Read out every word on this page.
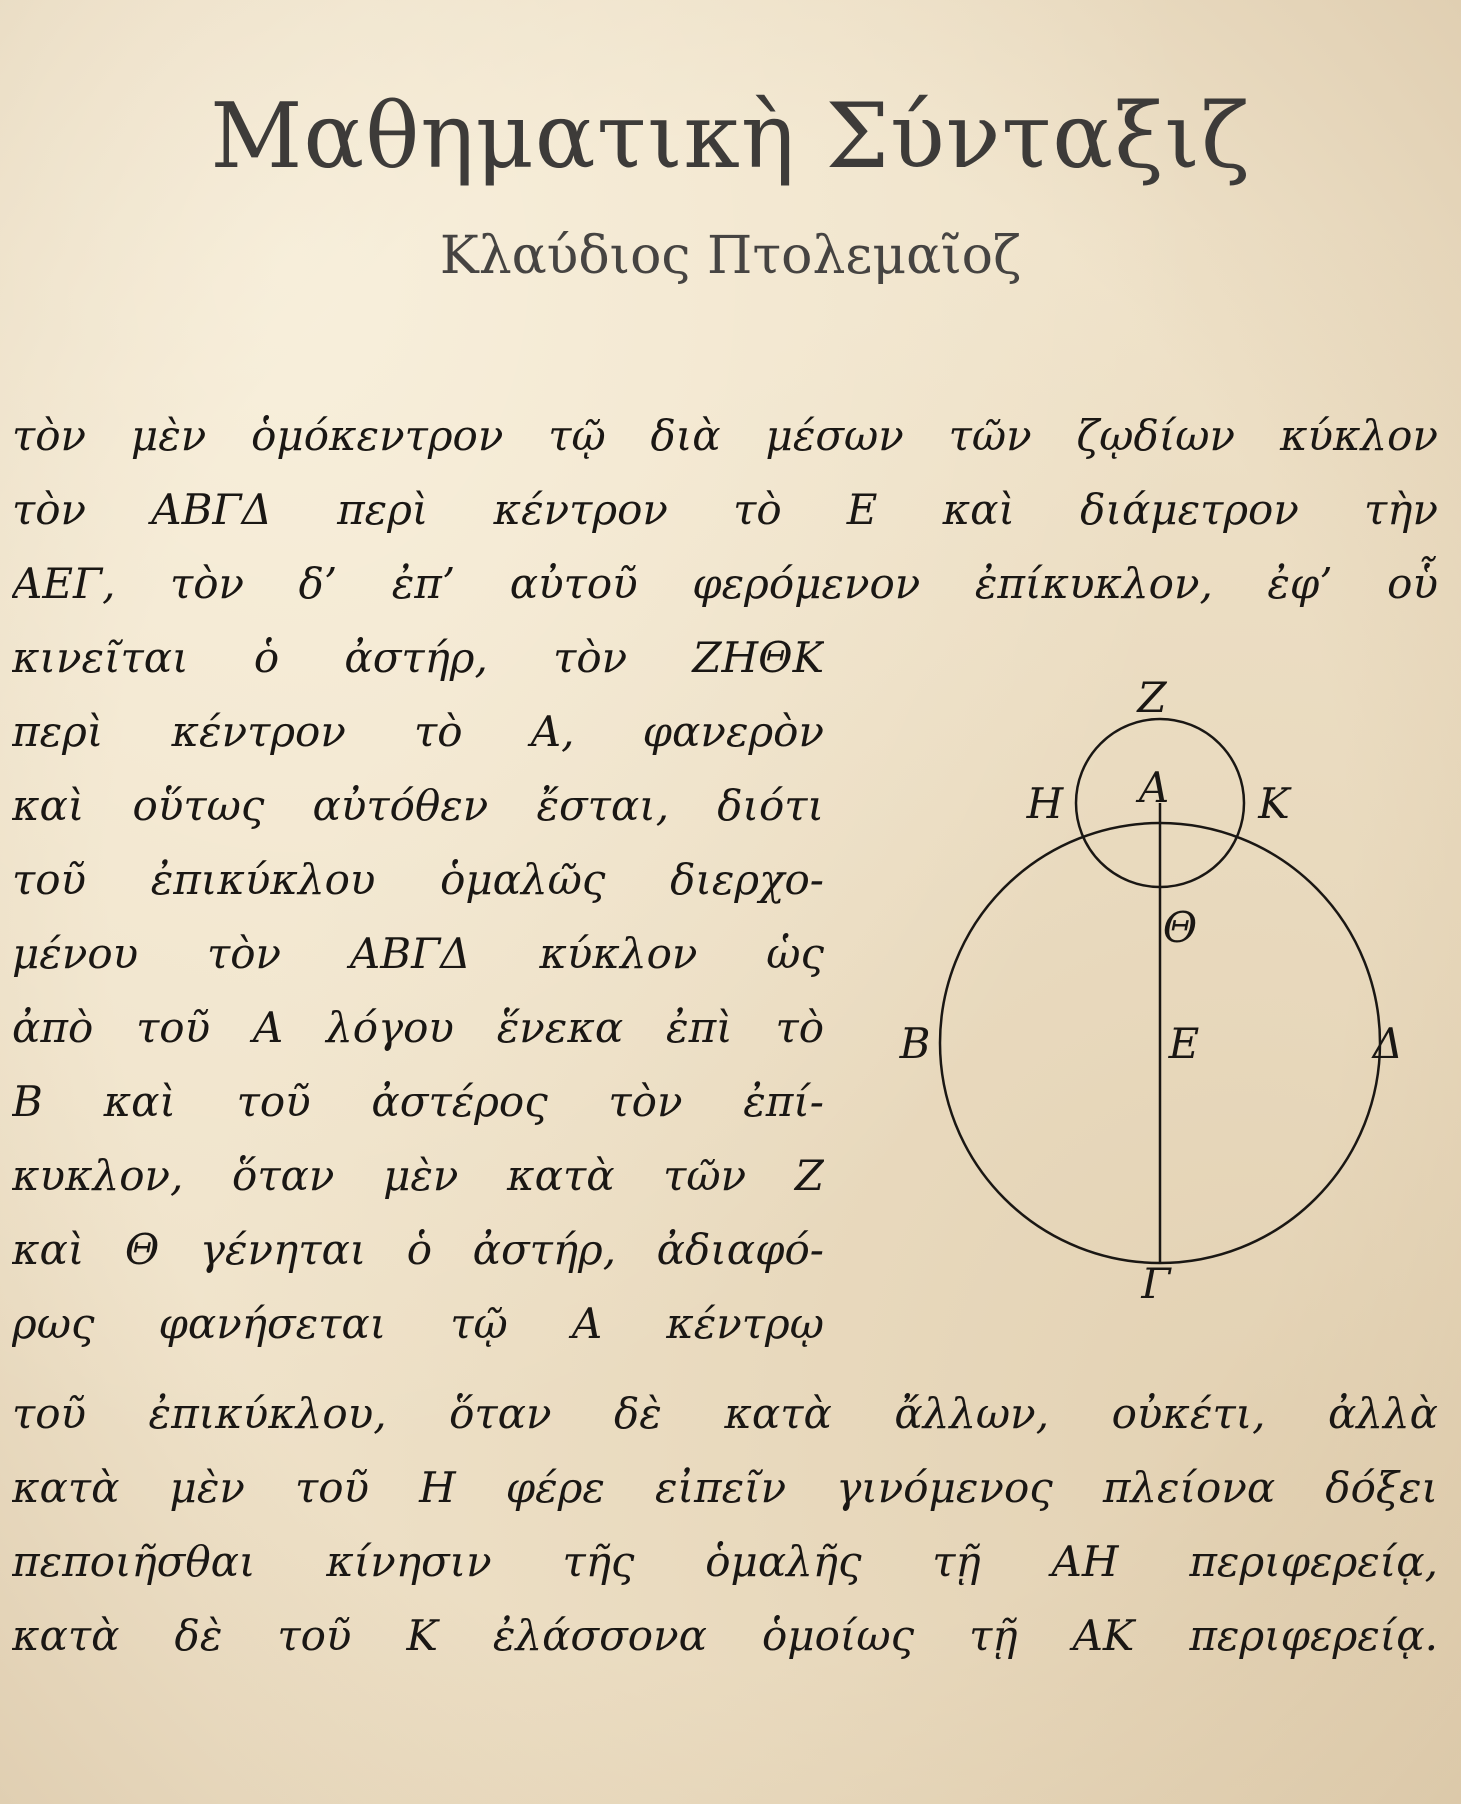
Μαθηματικὴ Σύνταξιζ
Κλαύδιος Πτολεμαῖοζ
τὸν μὲν ὁμόκεντρον τῷ διὰ μέσων τῶν ζῳδίων κύκλον
τὸν ΑΒΓΔ περὶ κέντρον τὸ Ε καὶ διάμετρον τὴν
ΑΕΓ, τὸν δ’ ἐπ’ αὐτοῦ φερόμενον ἐπίκυκλον, ἐφ’ οὗ
κινεῖται ὁ ἀστήρ, τὸν ΖΗΘΚ
περὶ κέντρον τὸ Α, φανερὸν
καὶ οὕτως αὐτόθεν ἔσται, διότι
τοῦ ἐπικύκλου ὁμαλῶς διερχο-
μένου τὸν ΑΒΓΔ κύκλον ὡς
ἀπὸ τοῦ Α λόγου ἕνεκα ἐπὶ τὸ
Β καὶ τοῦ ἀστέρος τὸν ἐπί-
κυκλον, ὅταν μὲν κατὰ τῶν Ζ
καὶ Θ γένηται ὁ ἀστήρ, ἀδιαφό-
ρως φανήσεται τῷ Α κέντρῳ
τοῦ ἐπικύκλου, ὅταν δὲ κατὰ ἄλλων, οὐκέτι, ἀλλὰ
κατὰ μὲν τοῦ Η φέρε εἰπεῖν γινόμενος πλείονα δόξει
πεποιῆσθαι κίνησιν τῆς ὁμαλῆς τῇ ΑΗ περιφερείᾳ,
κατὰ δὲ τοῦ Κ ἐλάσσονα ὁμοίως τῇ ΑΚ περιφερείᾳ.
Z
H A K
Θ
B	E	Δ
Γ
